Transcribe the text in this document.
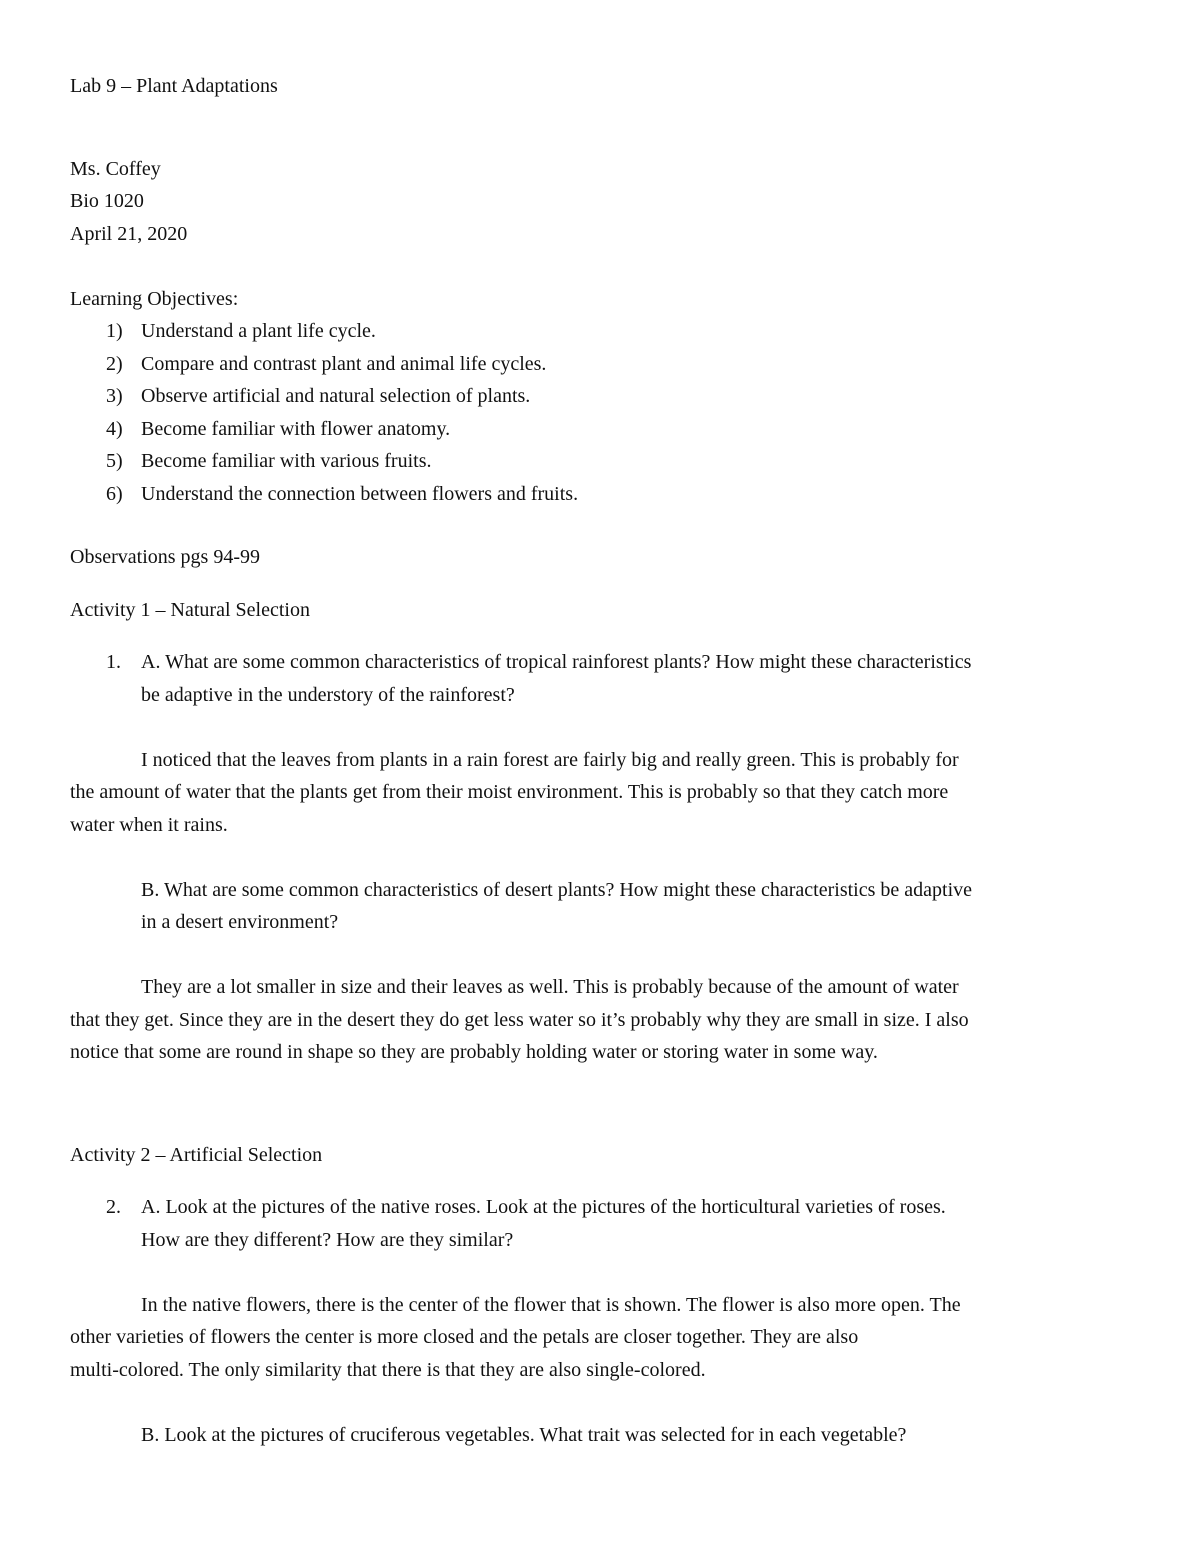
Lab 9 – Plant Adaptations

Ms. Coffey

Bio 1020

April 21, 2020

Learning Objectives:

1) Understand a plant life cycle.
2) Compare and contrast plant and animal life cycles.
3) Observe artificial and natural selection of plants.
4) Become familiar with flower anatomy.
5) Become familiar with various fruits.
6) Understand the connection between flowers and fruits.

Observations pgs 94-99

Activity 1 – Natural Selection

1. A. What are some common characteristics of tropical rainforest plants? How might these characteristics

be adaptive in the understory of the rainforest?

I noticed that the leaves from plants in a rain forest are fairly big and really green. This is probably for

the amount of water that the plants get from their moist environment. This is probably so that they catch more

water when it rains.

B. What are some common characteristics of desert plants? How might these characteristics be adaptive

in a desert environment?

They are a lot smaller in size and their leaves as well. This is probably because of the amount of water

that they get. Since they are in the desert they do get less water so it’s probably why they are small in size. I also

notice that some are round in shape so they are probably holding water or storing water in some way.

Activity 2 – Artificial Selection

2. A. Look at the pictures of the native roses. Look at the pictures of the horticultural varieties of roses.

How are they different? How are they similar?

In the native flowers, there is the center of the flower that is shown. The flower is also more open. The

other varieties of flowers the center is more closed and the petals are closer together. They are also

multi-colored. The only similarity that there is that they are also single-colored.

B. Look at the pictures of cruciferous vegetables. What trait was selected for in each vegetable?
